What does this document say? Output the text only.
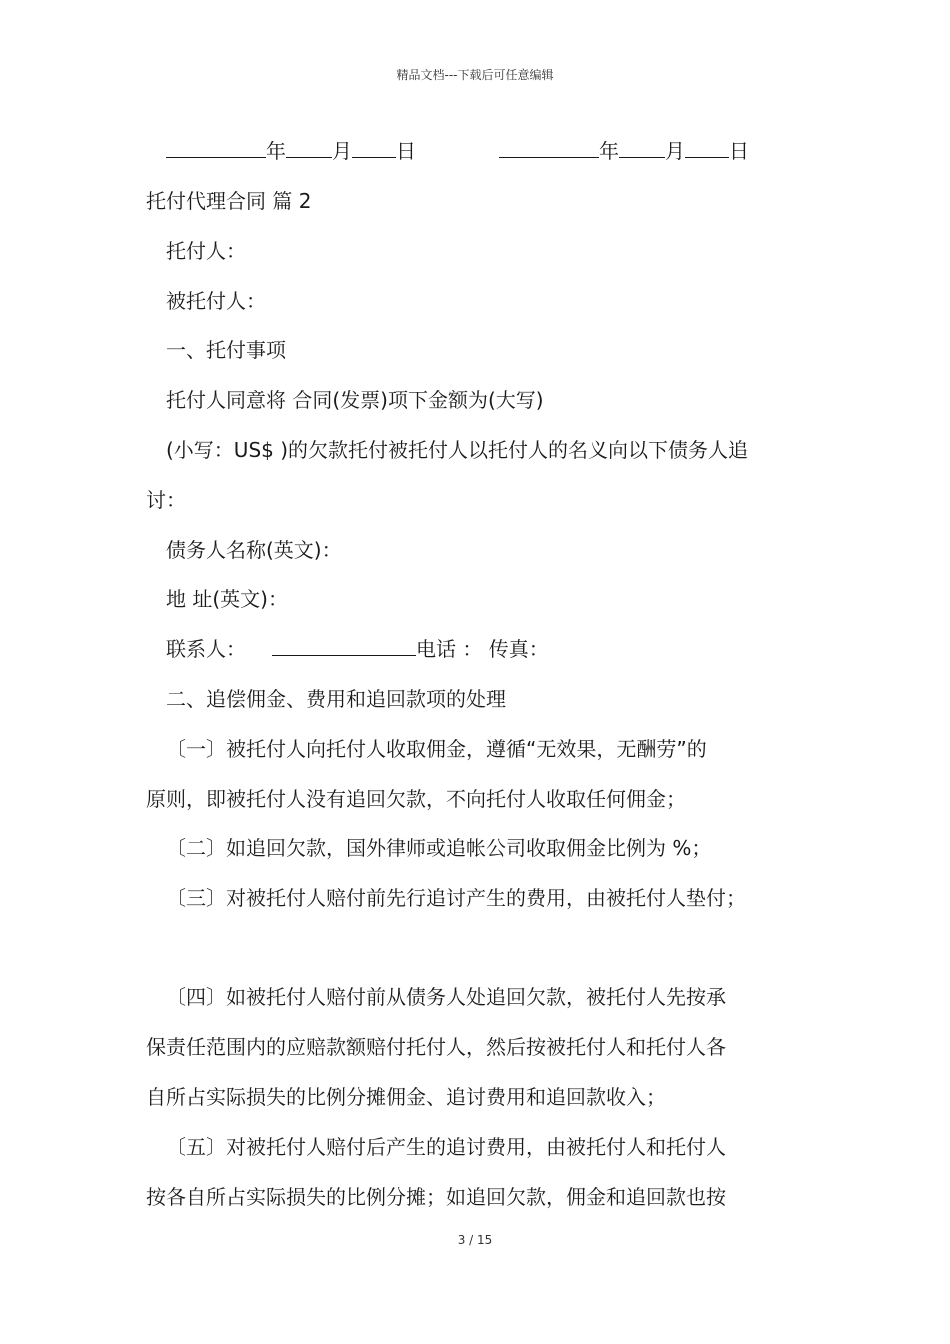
精品文档---下载后可任意编辑
年 月 日	年 月 日
托付代理合同 篇 2
托付人：
被托付人：
一、托付事项
托付人同意将 合同(发票)项下金额为(大写)
(小写：US$ )的欠款托付被托付人以托付人的名义向以下债务人追
讨：
债务人名称(英文)：
地 址(英文)：
联系人：	电话 ： 传真：
二、追偿佣金、费用和追回款项的处理
〔一〕被托付人向托付人收取佣金，遵循“无效果，无酬劳”的
原则，即被托付人没有追回欠款，不向托付人收取任何佣金；
〔二〕如追回欠款，国外律师或追帐公司收取佣金比例为 %；
〔三〕对被托付人赔付前先行追讨产生的费用，由被托付人垫付；
〔四〕如被托付人赔付前从债务人处追回欠款，被托付人先按承
保责任范围内的应赔款额赔付托付人，然后按被托付人和托付人各
自所占实际损失的比例分摊佣金、追讨费用和追回款收入；
〔五〕对被托付人赔付后产生的追讨费用，由被托付人和托付人
按各自所占实际损失的比例分摊；如追回欠款，佣金和追回款也按
3 / 15
